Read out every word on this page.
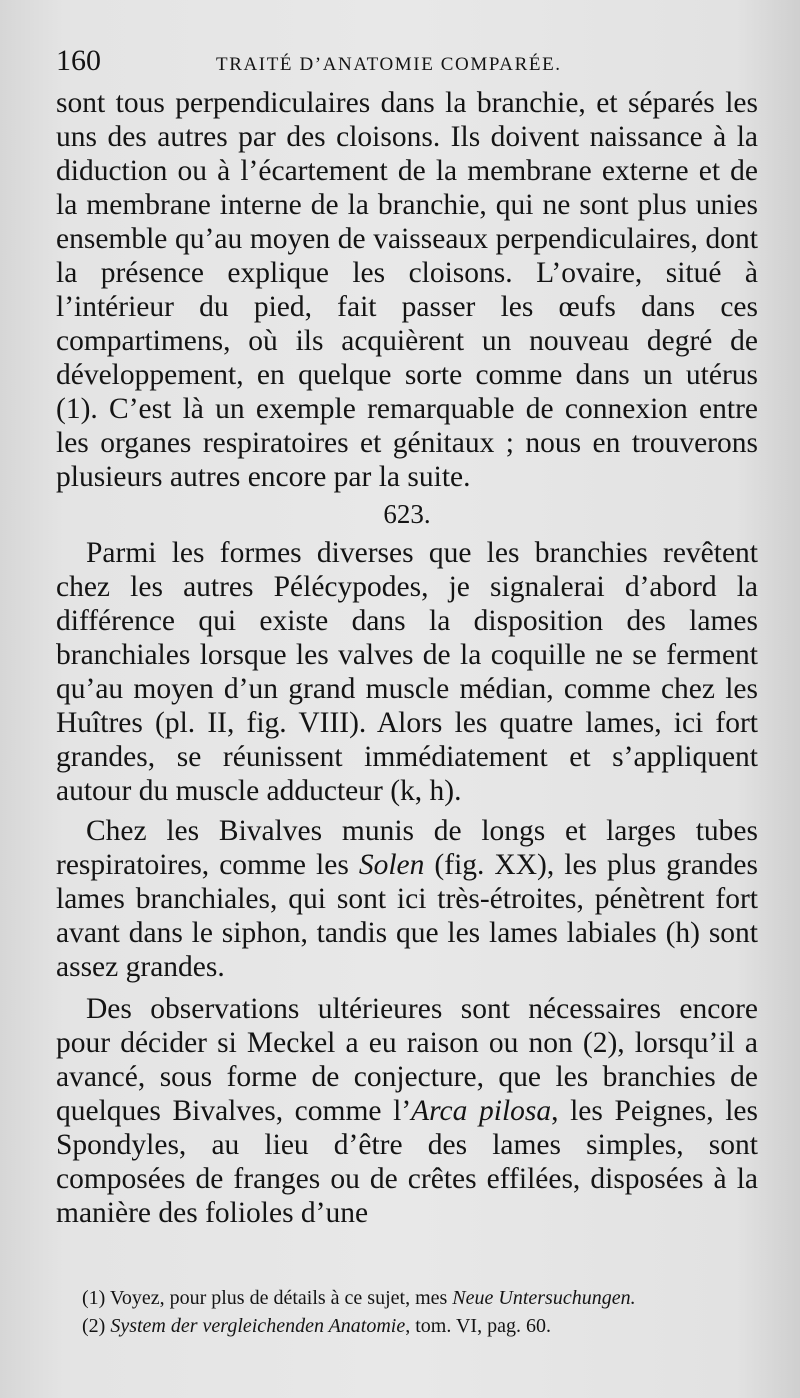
160	TRAITÉ D’ANATOMIE COMPARÉE.

sont tous perpendiculaires dans la branchie, et séparés les uns des autres par des cloisons. Ils doivent naissance à la diduction ou à l’écartement de la membrane externe et de la membrane interne de la branchie, qui ne sont plus unies ensemble qu’au moyen de vaisseaux perpendiculaires, dont la présence explique les cloisons. L’ovaire, situé à l’intérieur du pied, fait passer les œufs dans ces compartimens, où ils acquièrent un nouveau degré de développement, en quelque sorte comme dans un utérus (1). C’est là un exemple remarquable de connexion entre les organes respiratoires et génitaux ; nous en trouverons plusieurs autres encore par la suite.

623.

Parmi les formes diverses que les branchies revêtent chez les autres Pélécypodes, je signalerai d’abord la différence qui existe dans la disposition des lames branchiales lorsque les valves de la coquille ne se ferment qu’au moyen d’un grand muscle médian, comme chez les Huîtres (pl. II, fig. VIII). Alors les quatre lames, ici fort grandes, se réunissent immédiatement et s’appliquent autour du muscle adducteur (k, h).

Chez les Bivalves munis de longs et larges tubes respiratoires, comme les Solen (fig. XX), les plus grandes lames branchiales, qui sont ici très-étroites, pénètrent fort avant dans le siphon, tandis que les lames labiales (h) sont assez grandes.

Des observations ultérieures sont nécessaires encore pour décider si Meckel a eu raison ou non (2), lorsqu’il a avancé, sous forme de conjecture, que les branchies de quelques Bivalves, comme l’Arca pilosa, les Peignes, les Spondyles, au lieu d’être des lames simples, sont composées de franges ou de crêtes effilées, disposées à la manière des folioles d’une

(1) Voyez, pour plus de détails à ce sujet, mes Neue Untersuchungen.

(2) System der vergleichenden Anatomie, tom. VI, pag. 60.
